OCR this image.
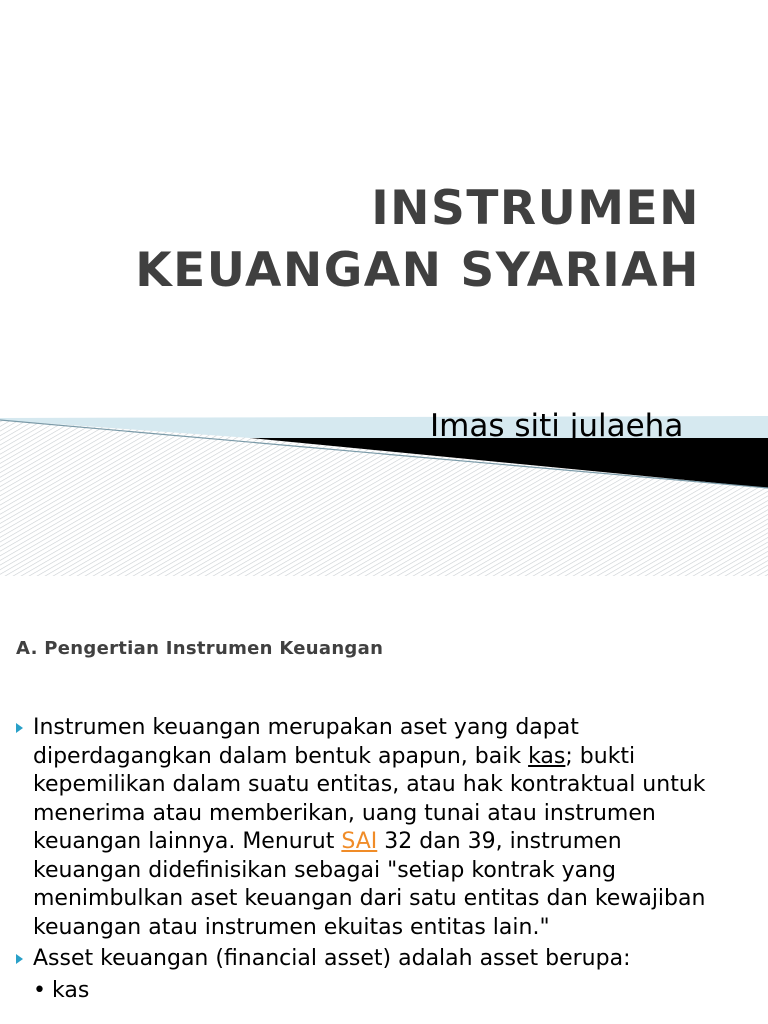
INSTRUMEN
KEUANGAN SYARIAH
Imas siti julaeha
A. Pengertian Instrumen Keuangan
Instrumen keuangan merupakan aset yang dapat diperdagangkan dalam bentuk apapun, baik kas; bukti kepemilikan dalam suatu entitas, atau hak kontraktual untuk menerima atau memberikan, uang tunai atau instrumen keuangan lainnya. Menurut SAI 32 dan 39, instrumen keuangan didefinisikan sebagai "setiap kontrak yang menimbulkan aset keuangan dari satu entitas dan kewajiban keuangan atau instrumen ekuitas entitas lain."
Asset keuangan (financial asset) adalah asset berupa:
• kas
